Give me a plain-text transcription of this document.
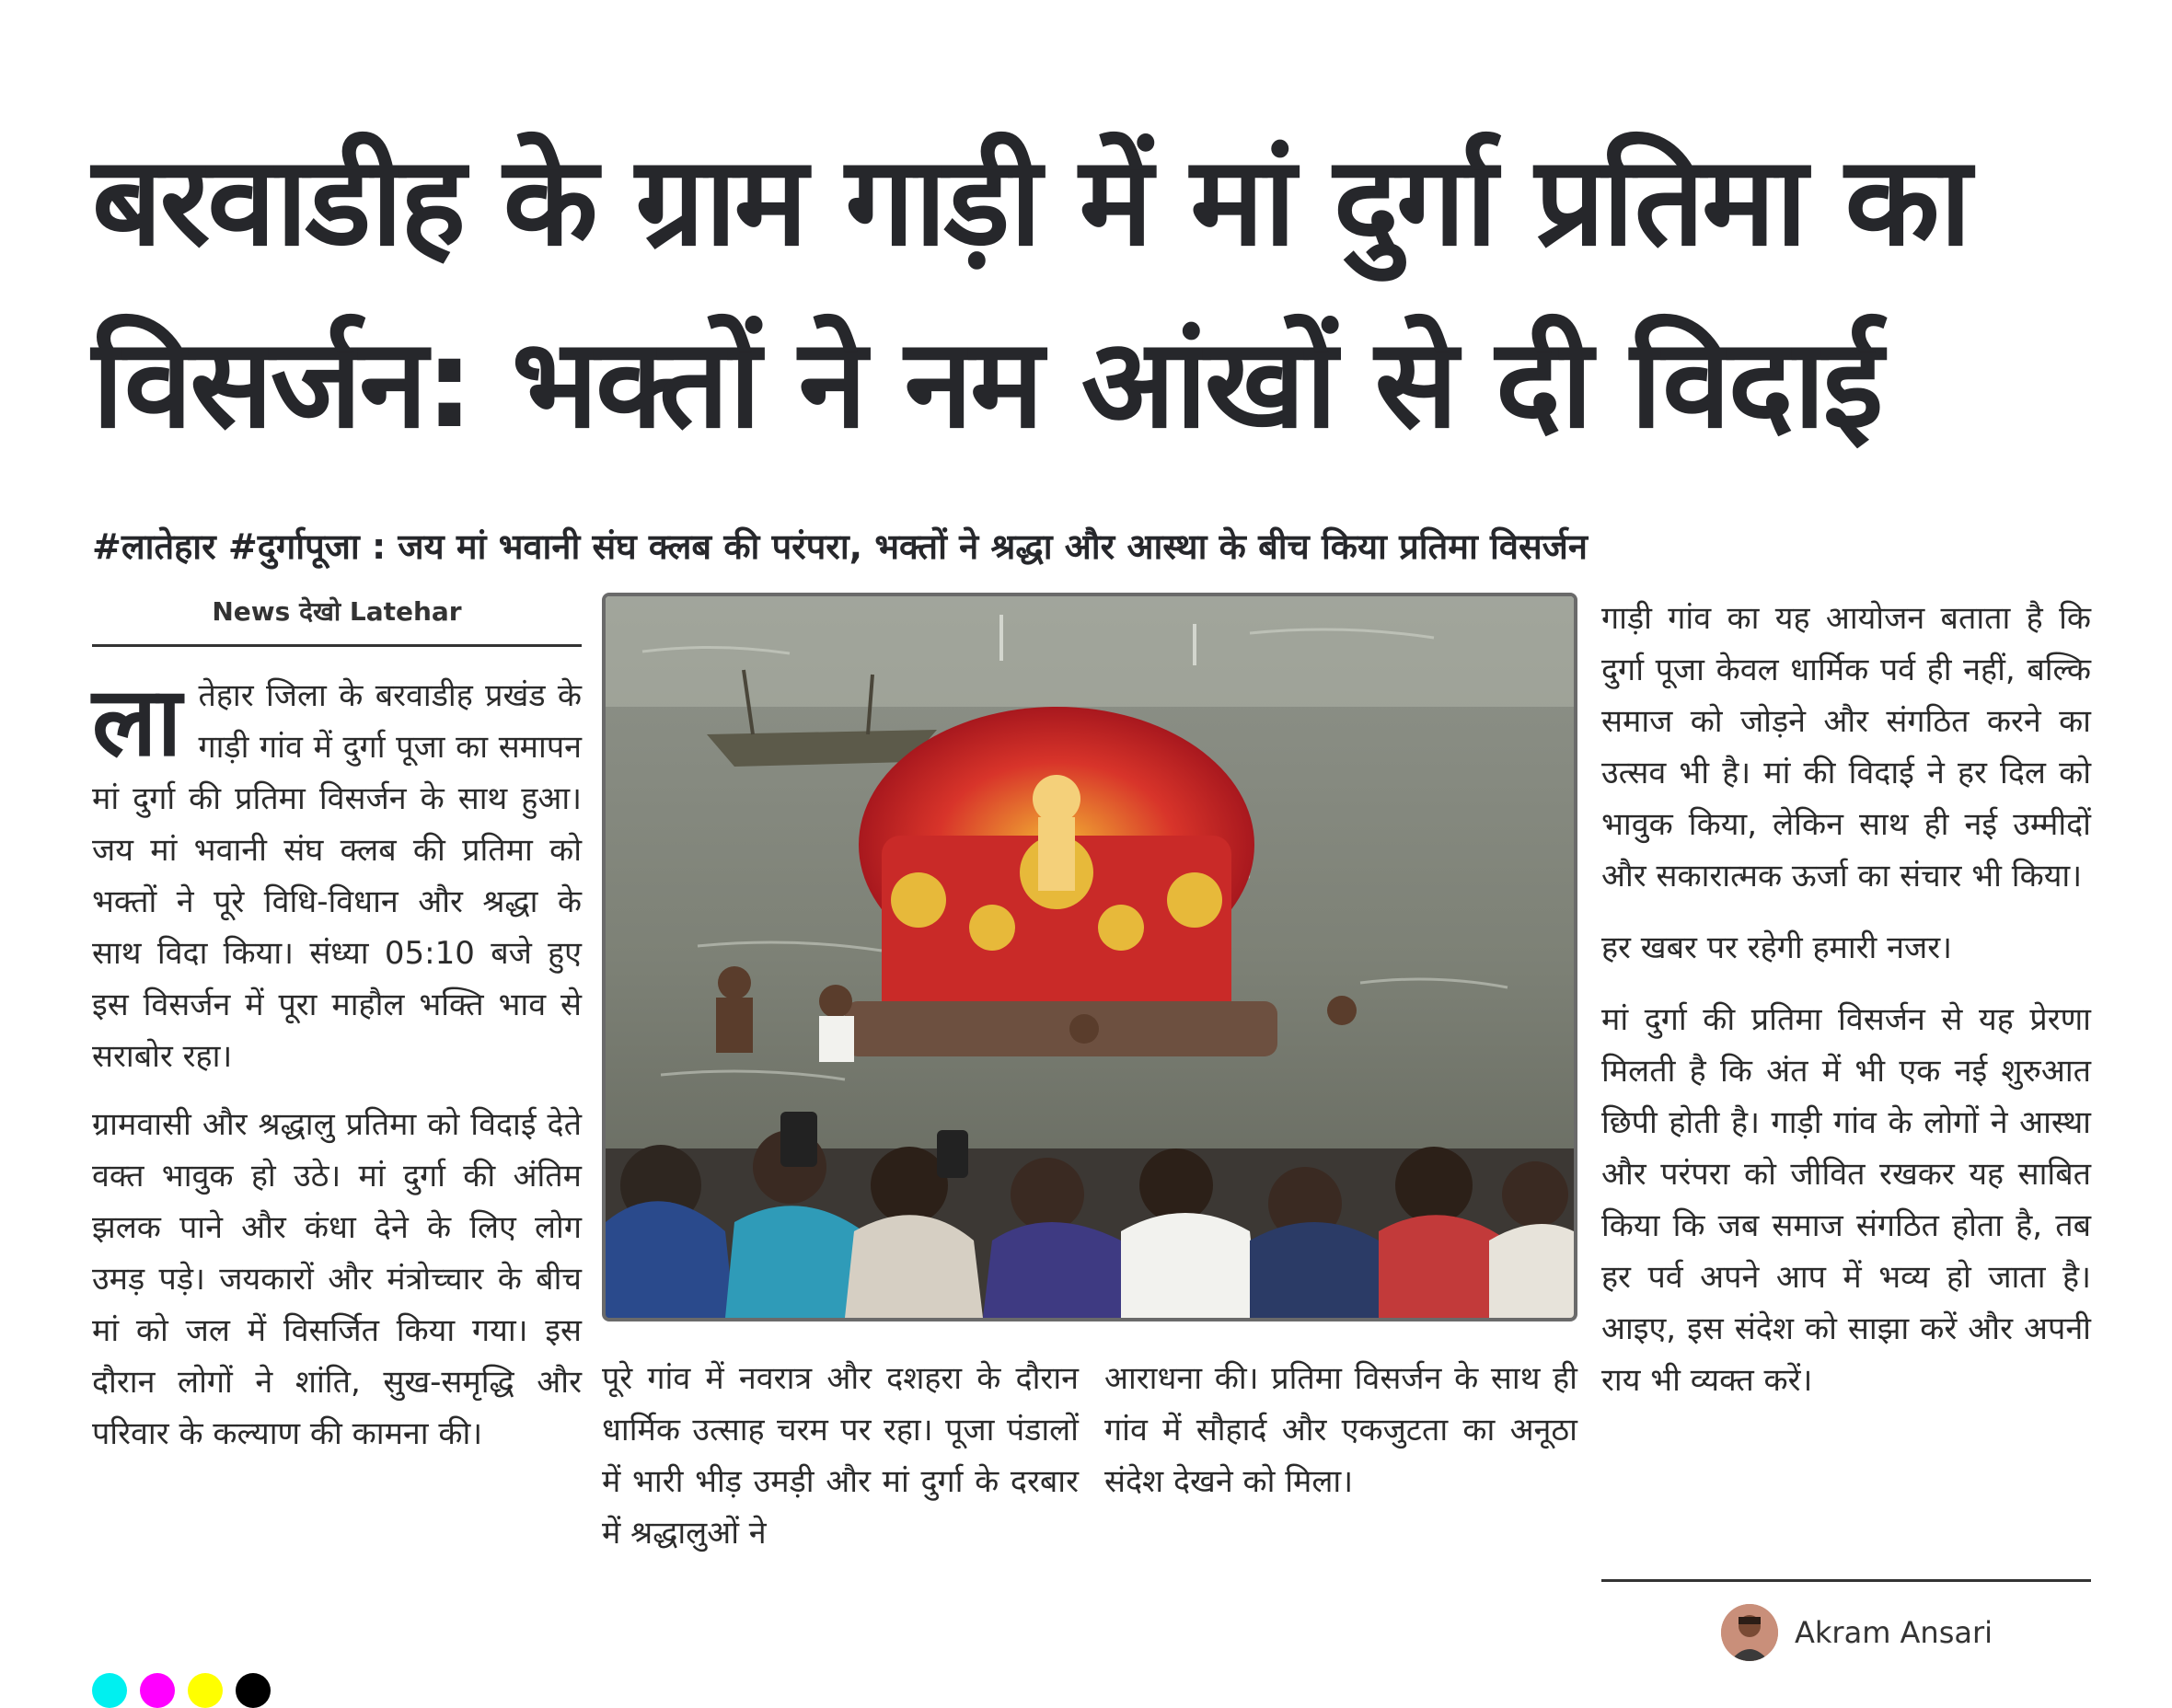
बरवाडीह के ग्राम गाड़ी में मां दुर्गा प्रतिमा का विसर्जन: भक्तों ने नम आंखों से दी विदाई
#लातेहार #दुर्गापूजा : जय मां भवानी संघ क्लब की परंपरा, भक्तों ने श्रद्धा और आस्था के बीच किया प्रतिमा विसर्जन
News देखो Latehar

लातेहार जिला के बरवाडीह प्रखंड के गाड़ी गांव में दुर्गा पूजा का समापन मां दुर्गा की प्रतिमा विसर्जन के साथ हुआ। जय मां भवानी संघ क्लब की प्रतिमा को भक्तों ने पूरे विधि-विधान और श्रद्धा के साथ विदा किया। संध्या 05:10 बजे हुए इस विसर्जन में पूरा माहौल भक्ति भाव से सराबोर रहा।

ग्रामवासी और श्रद्धालु प्रतिमा को विदाई देते वक्त भावुक हो उठे। मां दुर्गा की अंतिम झलक पाने और कंधा देने के लिए लोग उमड़ पड़े। जयकारों और मंत्रोच्चार के बीच मां को जल में विसर्जित किया गया। इस दौरान लोगों ने शांति, सुख-समृद्धि और परिवार के कल्याण की कामना की।

पूरे गांव में नवरात्र और दशहरा के दौरान धार्मिक उत्साह चरम पर रहा। पूजा पंडालों में भारी भीड़ उमड़ी और मां दुर्गा के दरबार में श्रद्धालुओं ने

आराधना की। प्रतिमा विसर्जन के साथ ही गांव में सौहार्द और एकजुटता का अनूठा संदेश देखने को मिला।

गाड़ी गांव का यह आयोजन बताता है कि दुर्गा पूजा केवल धार्मिक पर्व ही नहीं, बल्कि समाज को जोड़ने और संगठित करने का उत्सव भी है। मां की विदाई ने हर दिल को भावुक किया, लेकिन साथ ही नई उम्मीदों और सकारात्मक ऊर्जा का संचार भी किया।

हर खबर पर रहेगी हमारी नजर।

मां दुर्गा की प्रतिमा विसर्जन से यह प्रेरणा मिलती है कि अंत में भी एक नई शुरुआत छिपी होती है। गाड़ी गांव के लोगों ने आस्था और परंपरा को जीवित रखकर यह साबित किया कि जब समाज संगठित होता है, तब हर पर्व अपने आप में भव्य हो जाता है। आइए, इस संदेश को साझा करें और अपनी राय भी व्यक्त करें।

Akram Ansari
